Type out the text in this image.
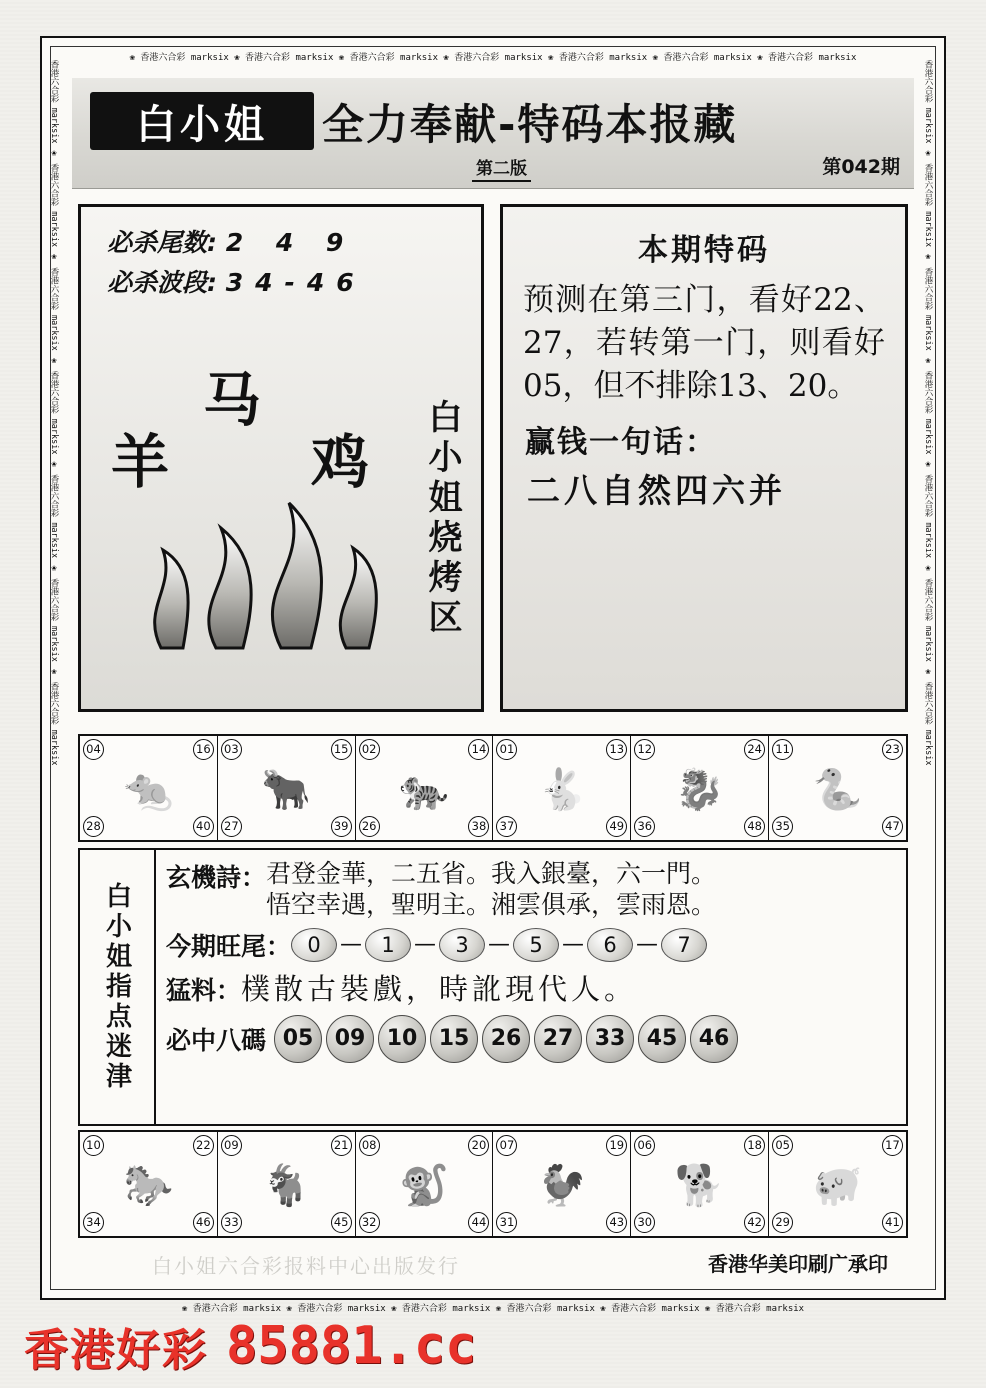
❀ 香港六合彩 marksix ❀ 香港六合彩 marksix ❀ 香港六合彩 marksix ❀ 香港六合彩 marksix ❀ 香港六合彩 marksix ❀ 香港六合彩 marksix ❀ 香港六合彩 marksix
❀ 香港六合彩 marksix ❀ 香港六合彩 marksix ❀ 香港六合彩 marksix ❀ 香港六合彩 marksix ❀ 香港六合彩 marksix ❀ 香港六合彩 marksix
香港六合彩 marksix ❀ 香港六合彩 marksix ❀ 香港六合彩 marksix ❀ 香港六合彩 marksix ❀ 香港六合彩 marksix ❀ 香港六合彩 marksix ❀ 香港六合彩 marksix	香港六合彩 marksix ❀ 香港六合彩 marksix ❀ 香港六合彩 marksix ❀ 香港六合彩 marksix ❀ 香港六合彩 marksix ❀ 香港六合彩 marksix ❀ 香港六合彩 marksix
白小姐	全力奉献-特码本报藏
第二版	第042期
必杀尾数: 2 4 9
必杀波段: 34-46
羊
马
鸡 白小姐烧烤区
本期特码
预测在第三门，看好22、27，若转第一门，则看好05，但不排除13、20。
赢钱一句话：
二八自然四六并
04	16
🐀
28	40
03	15
🐂
27	39
02	14
🐅
26	38
01	13
🐇
37	49
12	24
🐉
36	48
11	23
🐍
35	47
白小姐指点迷津
玄機詩： 君登金華，二五省。我入銀臺，六一門。
悟空幸遇，聖明主。湘雲俱承，雲雨恩。
今期旺尾： 0 — 1 — 3 — 5 — 6 — 7
猛料： 樸散古裝戲，時訛現代人。
必中八碼 05 09 10 15 26 27 33 45 46
10	22
🐎
34	46
09	21
🐐
33	45
08	20
🐒
32	44
07	19
🐓
31	43
06	18
🐕
30	42
05	17
🐖
29	41
白小姐六合彩报料中心出版发行	香港华美印刷广承印
香港好彩 85881.cc
